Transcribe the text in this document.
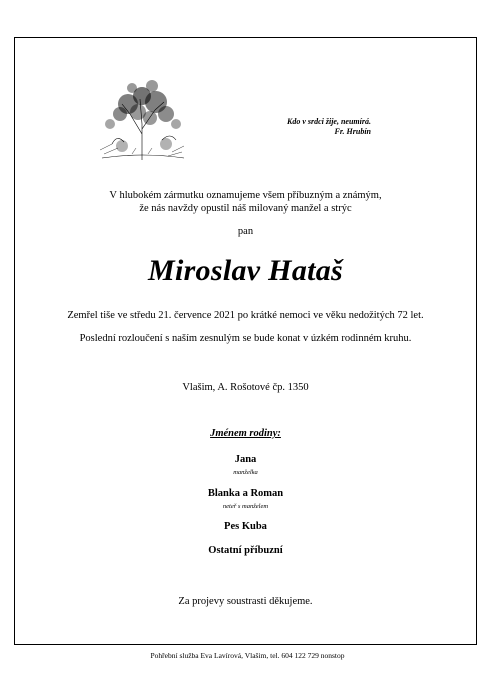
Kdo v srdci žije, neumírá.
Fr. Hrubín
V hlubokém zármutku oznamujeme všem příbuzným a známým,
že nás navždy opustil náš milovaný manžel a strýc
pan
Miroslav Hataš
Zemřel tiše ve středu 21. července 2021 po krátké nemoci ve věku nedožitých 72 let.
Poslední rozloučení s naším zesnulým se bude konat v úzkém rodinném kruhu.
Vlašim, A. Rošotové čp. 1350
Jménem rodiny:
Jana
manželka
Blanka a Roman
neteř s manželem
Pes Kuba
Ostatní příbuzní
Za projevy soustrasti děkujeme.
Pohřební služba Eva Lavírová, Vlašim, tel. 604 122 729 nonstop
